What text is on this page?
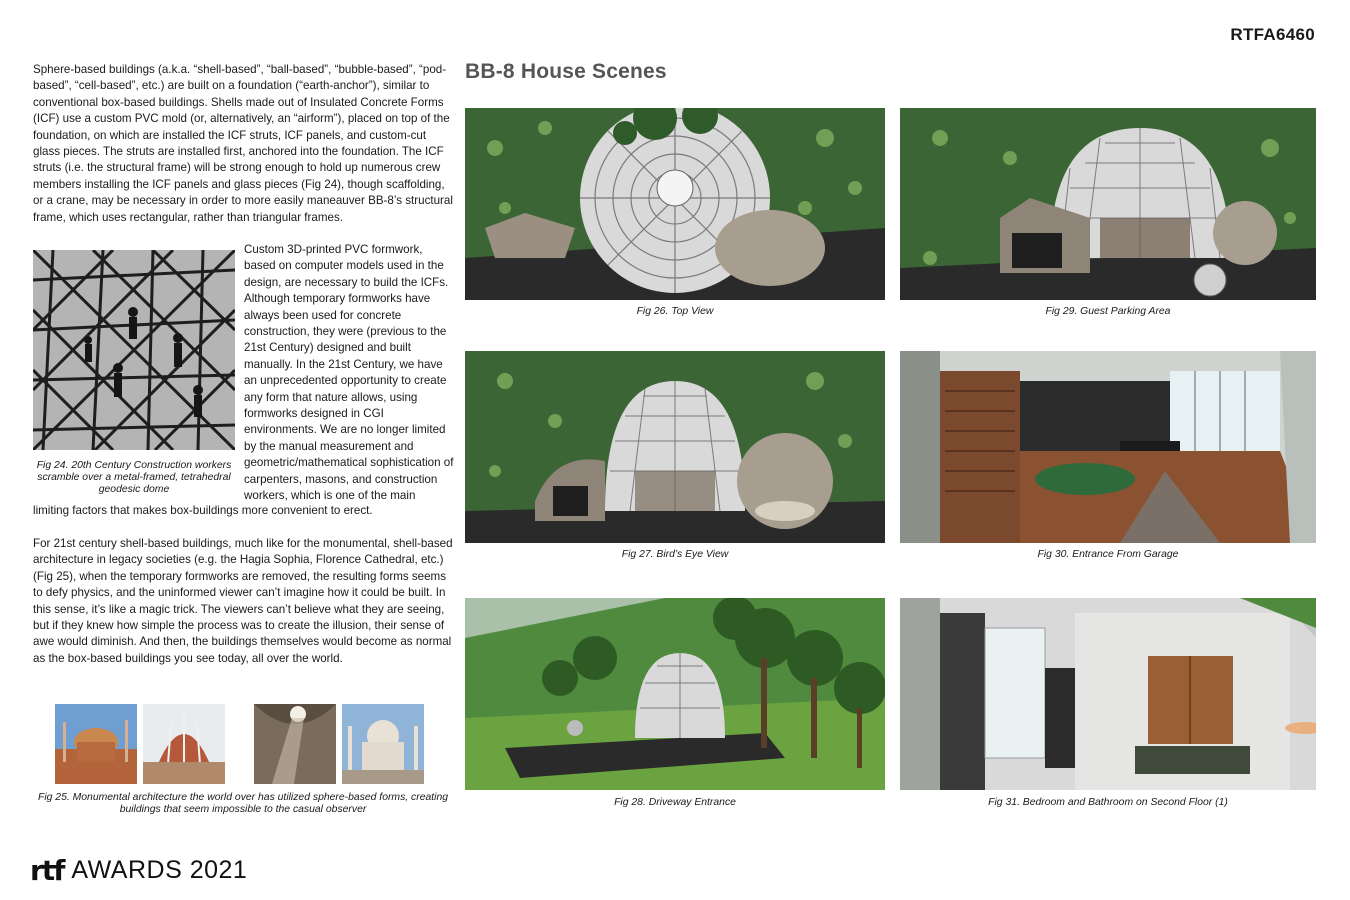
RTFA6460
Sphere-based buildings (a.k.a. “shell-based”, “ball-based”, “bubble-based”, “pod-based”, “cell-based”, etc.) are built on a foundation (“earth-anchor”), similar to conventional box-based buildings. Shells made out of Insulated Concrete Forms (ICF) use a custom PVC mold (or, alternatively, an “airform”), placed on top of the foundation, on which are installed the ICF struts, ICF panels, and custom-cut glass pieces. The struts are installed first, anchored into the foundation. The ICF struts (i.e. the structural frame) will be strong enough to hold up numerous crew members installing the ICF panels and glass pieces (Fig 24), though scaffolding, or a crane, may be necessary in order to more easily maneauver BB-8’s structural frame, which uses rectangular, rather than triangular frames.
Fig 24. 20th Century Construction workers scramble over a metal-framed, tetrahedral geodesic dome
Custom 3D-printed PVC formwork, based on computer models used in the design, are necessary to build the ICFs. Although temporary formworks have always been used for concrete construction, they were (previous to the 21st Century) designed and built manually. In the 21st Century, we have an unprecedented opportunity to create any form that nature allows, using formworks designed in CGI environments. We are no longer limited by the manual measurement and geometric/mathematical sophistication of carpenters, masons, and construction workers, which is one of the main
limiting factors that makes box-buildings more convenient to erect.
For 21st century shell-based buildings, much like for the monumental, shell-based architecture in legacy societies (e.g. the Hagia Sophia, Florence Cathedral, etc.) (Fig 25), when the temporary formworks are removed, the resulting forms seems to defy physics, and the uninformed viewer can’t imagine how it could be built. In this sense, it’s like a magic trick. The viewers can’t believe what they are seeing, but if they knew how simple the process was to create the illusion, their sense of awe would diminish. And then, the buildings themselves would become as normal as the box-based buildings you see today, all over the world.
Fig 25. Monumental architecture the world over has utilized sphere-based forms, creating buildings that seem impossible to the casual observer
BB-8 House Scenes
Fig 26. Top View	Fig 29. Guest Parking Area
Fig 27. Bird’s Eye View	Fig 30. Entrance From Garage
Fig 28. Driveway Entrance	Fig 31. Bedroom and Bathroom on Second Floor (1)
rtf AWARDS 2021
